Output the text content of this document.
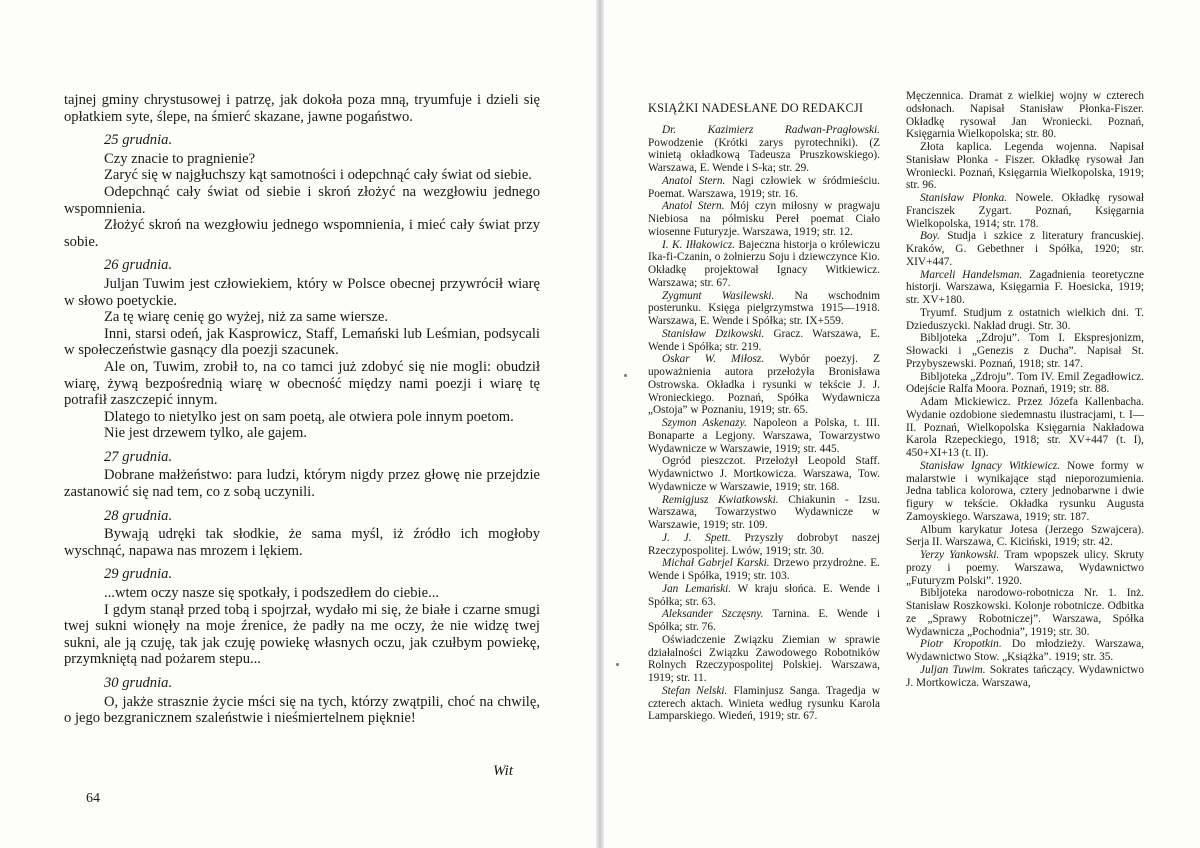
tajnej gminy chrystusowej i patrzę, jak dokoła poza mną, tryumfuje i dzieli się opłatkiem syte, ślepe, na śmierć skazane, jawne pogaństwo.

25 grudnia.

Czy znacie to pragnienie?

Zaryć się w najgłuchszy kąt samotności i odepchnąć cały świat od siebie.

Odepchnąć cały świat od siebie i skroń złożyć na wezgłowiu jednego wspomnienia.

Złożyć skroń na wezgłowiu jednego wspomnienia, i mieć cały świat przy sobie.

26 grudnia.

Juljan Tuwim jest człowiekiem, który w Polsce obecnej przywrócił wiarę w słowo poetyckie.

Za tę wiarę cenię go wyżej, niż za same wiersze.

Inni, starsi odeń, jak Kasprowicz, Staff, Lemański lub Leśmian, podsycali w społeczeństwie gasnący dla poezji szacunek.

Ale on, Tuwim, zrobił to, na co tamci już zdobyć się nie mogli: obudził wiarę, żywą bezpośrednią wiarę w obecność między nami poezji i wiarę tę potrafił zaszczepić innym.

Dlatego to nietylko jest on sam poetą, ale otwiera pole innym poetom.

Nie jest drzewem tylko, ale gajem.

27 grudnia.

Dobrane małżeństwo: para ludzi, którym nigdy przez głowę nie przejdzie zastanowić się nad tem, co z sobą uczynili.

28 grudnia.

Bywają udręki tak słodkie, że sama myśl, iż źródło ich mogłoby wyschnąć, napawa nas mrozem i lękiem.

29 grudnia.

...wtem oczy nasze się spotkały, i podszedłem do ciebie...

I gdym stanął przed tobą i spojrzał, wydało mi się, że białe i czarne smugi twej sukni wionęły na moje źrenice, że padły na me oczy, że nie widzę twej sukni, ale ją czuję, tak jak czuję powiekę własnych oczu, jak czułbym powiekę, przymkniętą nad pożarem stepu...

30 grudnia.

O, jakże strasznie życie mści się na tych, którzy zwątpili, choć na chwilę, o jego bezgranicznem szaleństwie i nieśmiertelnem pięknie!

Wit
64
KSIĄŻKI NADESŁANE DO REDAKCJI

Dr. Kazimierz Radwan-Pragłowski. Powodzenie (Krótki zarys pyrotechniki). (Z winietą okładkową Tadeusza Pruszkowskiego). Warszawa, E. Wende i S-ka; str. 29.

Anatol Stern. Nagi człowiek w śródmieściu. Poemat. Warszawa, 1919; str. 16.

Anatol Stern. Mój czyn miłosny w pragwaju Niebiosa na półmisku Pereł poemat Ciało wiosenne Futuryzje. Warszawa, 1919; str. 12.

I. K. Iłłakowicz. Bajeczna historja o królewiczu Ika-fi-Czanin, o żołnierzu Soju i dziewczynce Kio. Okładkę projektował Ignacy Witkiewicz. Warszawa; str. 67.

Zygmunt Wasilewski. Na wschodnim posterunku. Księga pielgrzymstwa 1915—1918. Warszawa, E. Wende i Spółka; str. IX+559.

Stanisław Dzikowski. Gracz. Warszawa, E. Wende i Spółka; str. 219.

Oskar W. Miłosz. Wybór poezyj. Z upoważnienia autora przełożyła Bronisława Ostrowska. Okładka i rysunki w tekście J. J. Wronieckiego. Poznań, Spółka Wydawnicza „Ostoja” w Poznaniu, 1919; str. 65.

Szymon Askenazy. Napoleon a Polska, t. III. Bonaparte a Legjony. Warszawa, Towarzystwo Wydawnicze w Warszawie, 1919; str. 445.

Ogród pieszczot. Przełożył Leopold Staff. Wydawnictwo J. Mortkowicza. Warszawa, Tow. Wydawnicze w Warszawie, 1919; str. 168.

Remigjusz Kwiatkowski. Chiakunin - Izsu. Warszawa, Towarzystwo Wydawnicze w Warszawie, 1919; str. 109.

J. J. Spett. Przyszły dobrobyt naszej Rzeczypospolitej. Lwów, 1919; str. 30.

Michał Gabrjel Karski. Drzewo przydrożne. E. Wende i Spółka, 1919; str. 103.

Jan Lemański. W kraju słońca. E. Wende i Spółka; str. 63.

Aleksander Szczęsny. Tarnina. E. Wende i Spółka; str. 76.

Oświadczenie Związku Ziemian w sprawie działalności Związku Zawodowego Robotników Rolnych Rzeczypospolitej Polskiej. Warszawa, 1919; str. 11.

Stefan Nelski. Flaminjusz Sanga. Tragedja w czterech aktach. Winieta według rysunku Karola Lamparskiego. Wiedeń, 1919; str. 67.

Męczennica. Dramat z wielkiej wojny w czterech odsłonach. Napisał Stanisław Płonka-Fiszer. Okładkę rysował Jan Wroniecki. Poznań, Księgarnia Wielkopolska; str. 80.

Złota kaplica. Legenda wojenna. Napisał Stanisław Płonka - Fiszer. Okładkę rysował Jan Wroniecki. Poznań, Księgarnia Wielkopolska, 1919; str. 96.

Stanisław Płonka. Nowele. Okładkę rysował Franciszek Zygart. Poznań, Księgarnia Wielkopolska, 1914; str. 178.

Boy. Studja i szkice z literatury francuskiej. Kraków, G. Gebethner i Spółka, 1920; str. XIV+447.

Marceli Handelsman. Zagadnienia teoretyczne historji. Warszawa, Księgarnia F. Hoesicka, 1919; str. XV+180.

Tryumf. Studjum z ostatnich wielkich dni. T. Dzieduszycki. Nakład drugi. Str. 30.

Bibljoteka „Zdroju”. Tom I. Ekspresjonizm, Słowacki i „Genezis z Ducha”. Napisał St. Przybyszewski. Poznań, 1918; str. 147.

Bibljoteka „Zdroju”. Tom IV. Emil Zegadłowicz. Odejście Ralfa Moora. Poznań, 1919; str. 88.

Adam Mickiewicz. Przez Józefa Kallenbacha. Wydanie ozdobione siedemnastu ilustracjami, t. I—II. Poznań, Wielkopolska Księgarnia Nakładowa Karola Rzepeckiego, 1918; str. XV+447 (t. I), 450+XI+13 (t. II).

Stanisław Ignacy Witkiewicz. Nowe formy w malarstwie i wynikające stąd nieporozumienia. Jedna tablica kolorowa, cztery jednobarwne i dwie figury w tekście. Okładka rysunku Augusta Zamoyskiego. Warszawa, 1919; str. 187.

Album karykatur Jotesa (Jerzego Szwajcera). Serja II. Warszawa, C. Kiciński, 1919; str. 42.

Yerzy Yankowski. Tram wpopszek ulicy. Skruty prozy i poemy. Warszawa, Wydawnictwo „Futuryzm Polski”. 1920.

Bibljoteka narodowo-robotnicza Nr. 1. Inż. Stanisław Roszkowski. Kolonje robotnicze. Odbitka ze „Sprawy Robotniczej”. Warszawa, Spółka Wydawnicza „Pochodnia”, 1919; str. 30.

Piotr Kropotkin. Do młodzieży. Warszawa, Wydawnictwo Stow. „Książka”. 1919; str. 35.

Juljan Tuwim. Sokrates tańczący. Wydawnictwo J. Mortkowicza. Warszawa,
